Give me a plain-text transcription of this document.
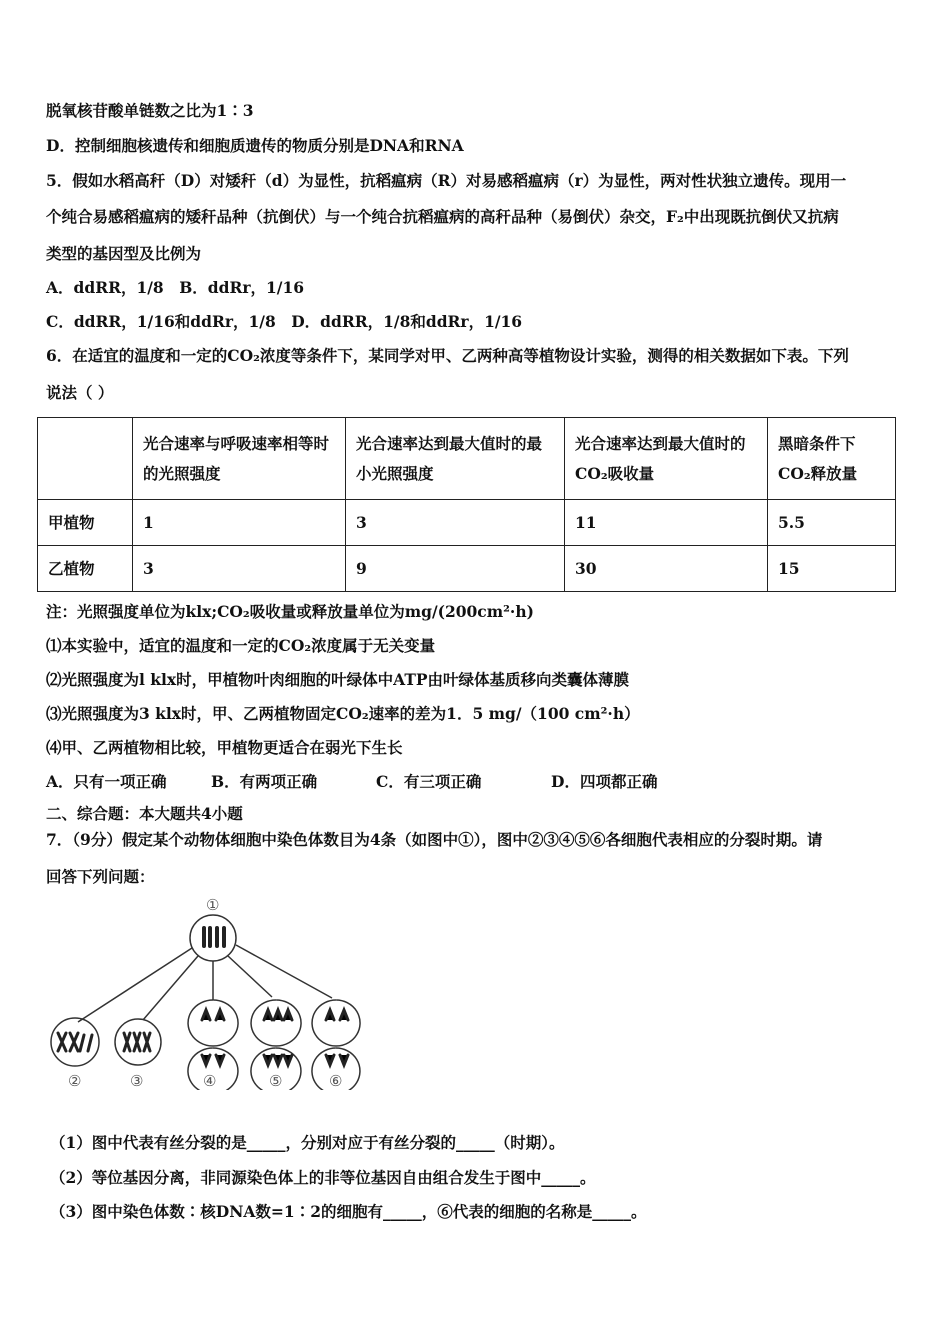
脱氧核苷酸单链数之比为1∶3
D．控制细胞核遗传和细胞质遗传的物质分别是DNA和RNA
5．假如水稻高秆（D）对矮秆（d）为显性，抗稻瘟病（R）对易感稻瘟病（r）为显性，两对性状独立遗传。现用一
个纯合易感稻瘟病的矮秆品种（抗倒伏）与一个纯合抗稻瘟病的高秆品种（易倒伏）杂交，F₂中出现既抗倒伏又抗病
类型的基因型及比例为
A．ddRR，1/8　B．ddRr，1/16
C．ddRR，1/16和ddRr，1/8　D．ddRR，1/8和ddRr，1/16
6．在适宜的温度和一定的CO₂浓度等条件下，某同学对甲、乙两种高等植物设计实验，测得的相关数据如下表。下列
说法（ ）
	光合速率与呼吸速率相等时的光照强度	光合速率达到最大值时的最小光照强度	光合速率达到最大值时的CO₂吸收量	黑暗条件下CO₂释放量
甲植物	1	3	11	5.5
乙植物	3	9	30	15
注：光照强度单位为klx;CO₂吸收量或释放量单位为mg/(200cm²·h)
⑴本实验中，适宜的温度和一定的CO₂浓度属于无关变量
⑵光照强度为l klx时，甲植物叶肉细胞的叶绿体中ATP由叶绿体基质移向类囊体薄膜
⑶光照强度为3 klx时，甲、乙两植物固定CO₂速率的差为1．5 mg/（100 cm²·h）
⑷甲、乙两植物相比较，甲植物更适合在弱光下生长
A．只有一项正确	B．有两项正确	C．有三项正确	D．四项都正确
二、综合题：本大题共4小题
7．（9分）假定某个动物体细胞中染色体数目为4条（如图中①），图中②③④⑤⑥各细胞代表相应的分裂时期。请
回答下列问题：
①
②	③	④	⑤	⑥
（1）图中代表有丝分裂的是_____，分别对应于有丝分裂的_____（时期）。
（2）等位基因分离，非同源染色体上的非等位基因自由组合发生于图中_____。
（3）图中染色体数∶核DNA数=1∶2的细胞有_____，⑥代表的细胞的名称是_____。
